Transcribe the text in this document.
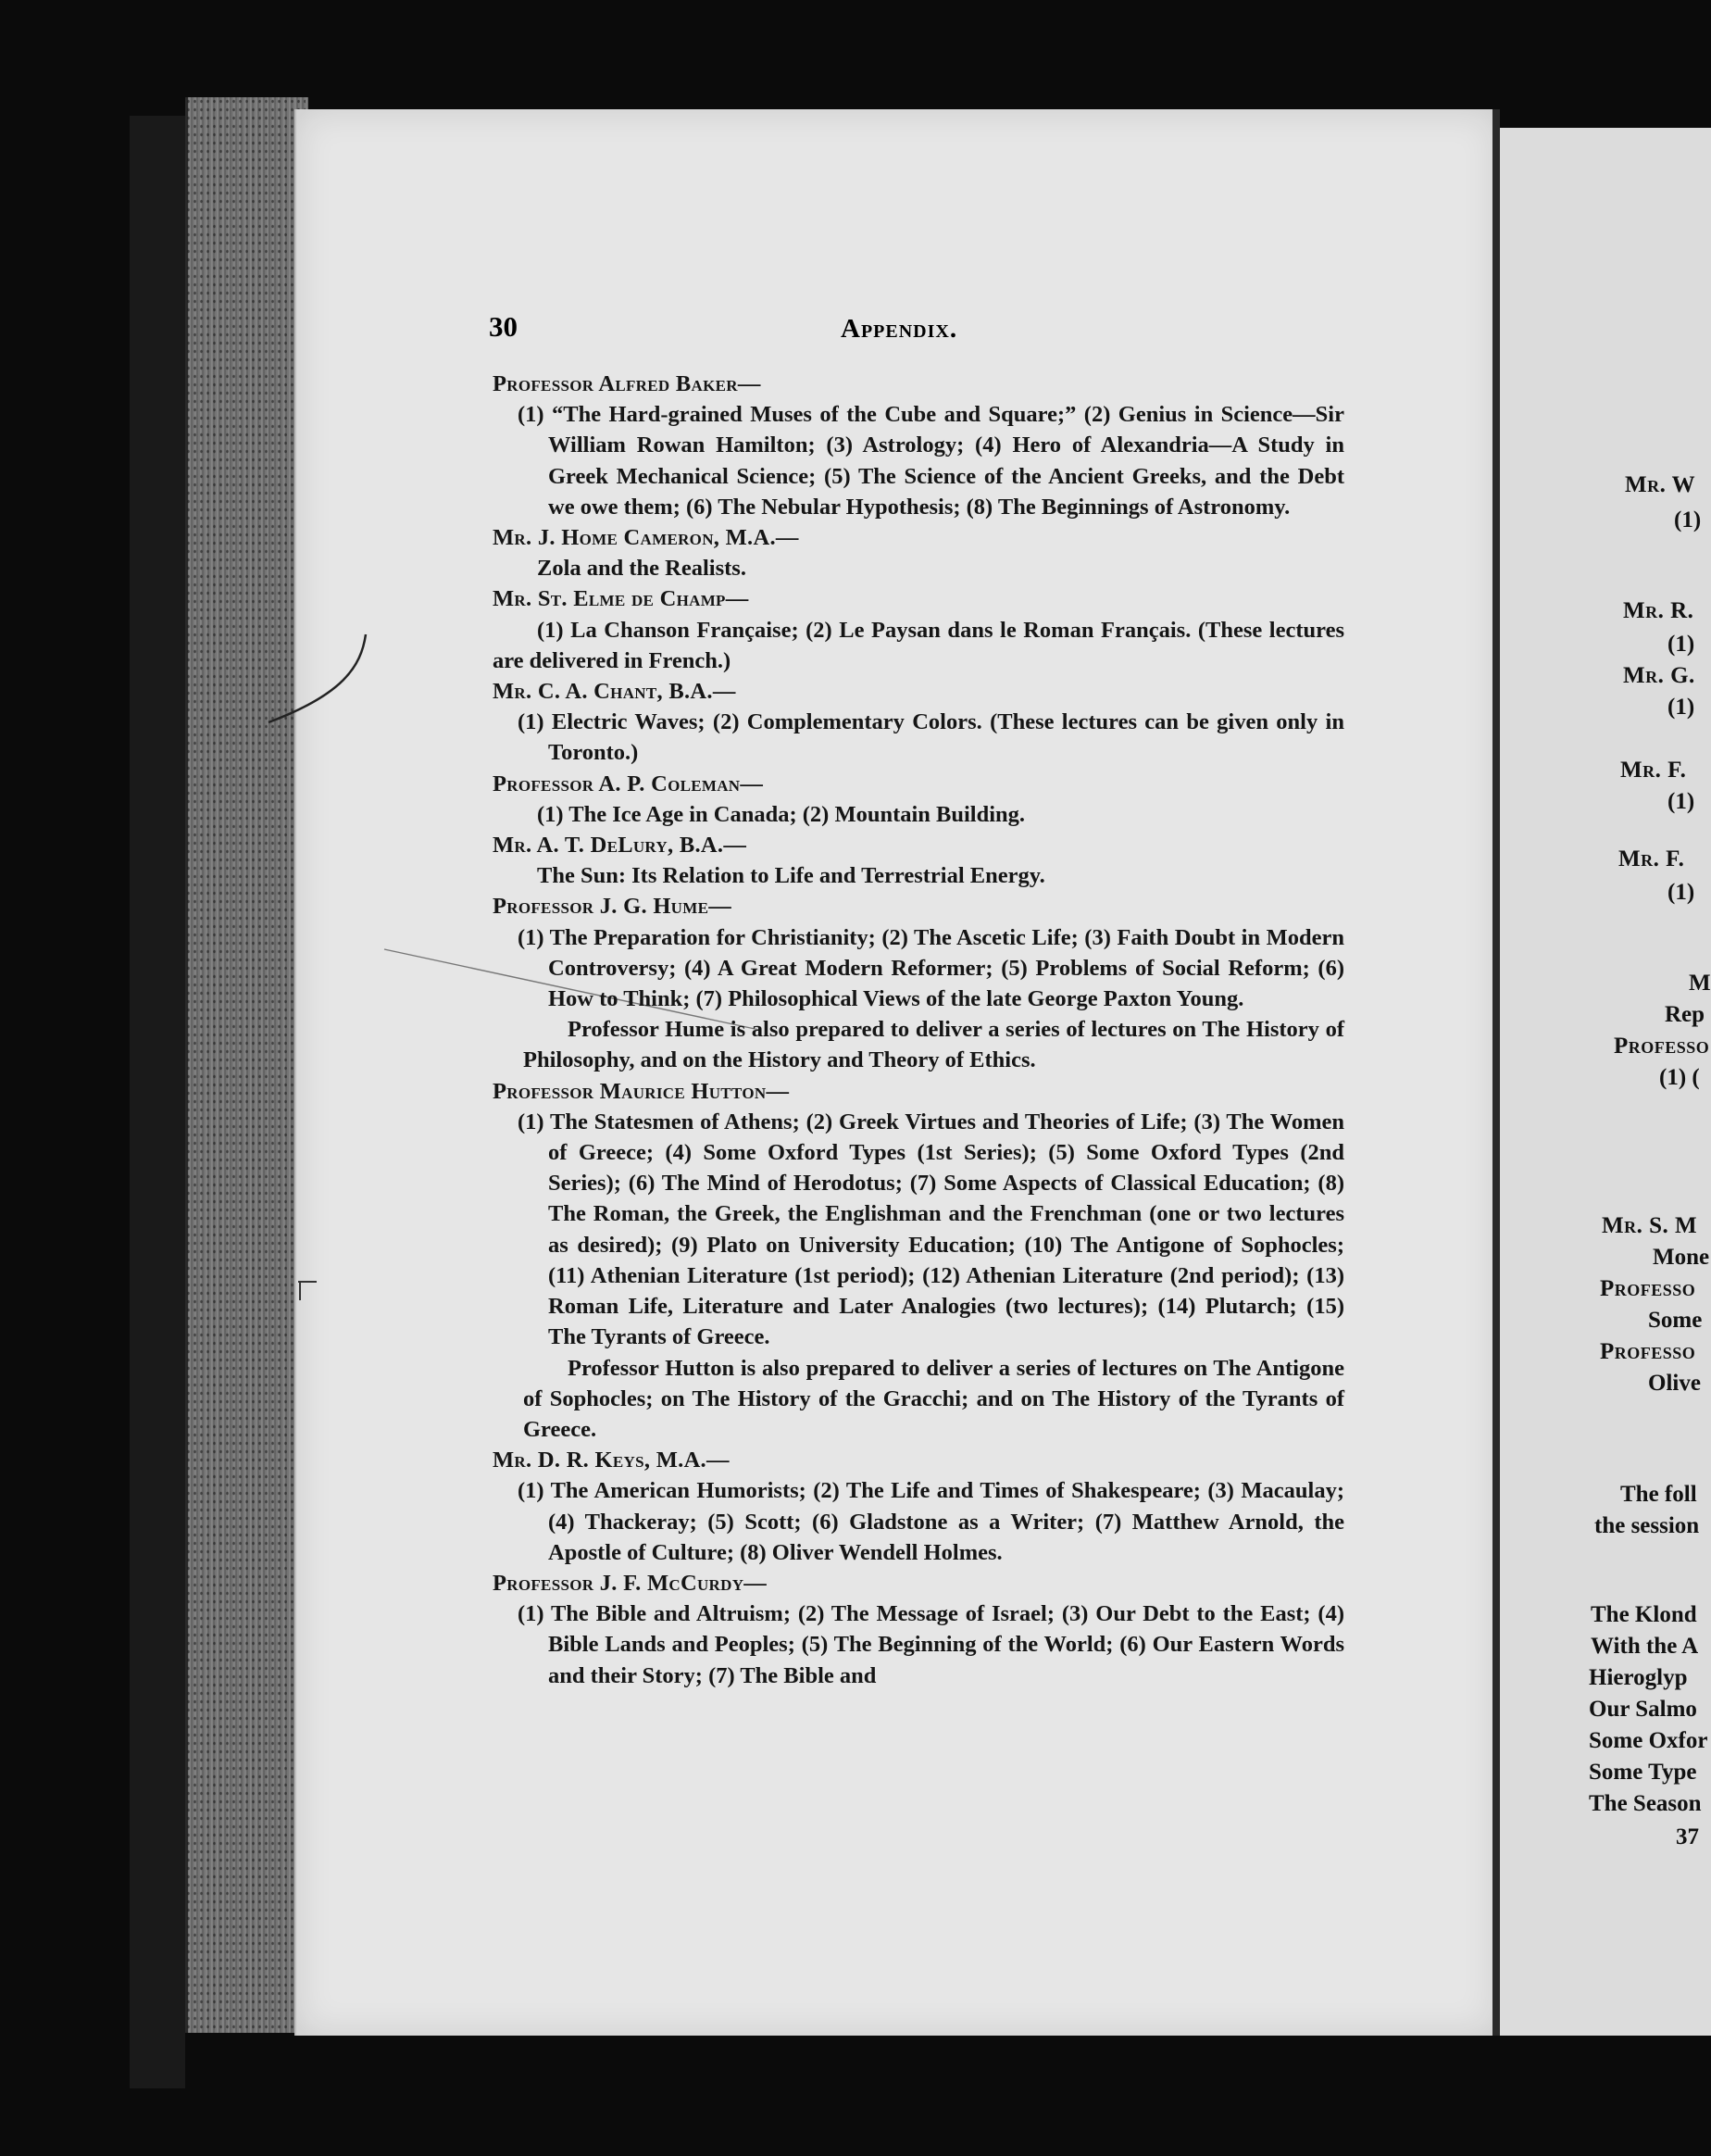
Mr. W
(1)
Mr. R.
(1)
Mr. G.
(1)
Mr. F.
(1)
Mr. F.
(1)
M
Rep
Professo
(1) (
Mr. S. M
Mone
Professo
Some
Professo
Olive
The foll
the session
The Klond
With the A
Hieroglyp
Our Salmo
Some Oxfor
Some Type
The Season
37
30	Appendix.

Professor Alfred Baker—

(1) “The Hard-grained Muses of the Cube and Square;” (2) Genius in Science—Sir William Rowan Hamilton; (3) Astrology; (4) Hero of Alexandria—A Study in Greek Mechanical Science; (5) The Science of the Ancient Greeks, and the Debt we owe them; (6) The Nebular Hypothesis; (8) The Beginnings of Astronomy.

Mr. J. Home Cameron, M.A.—

Zola and the Realists.

Mr. St. Elme de Champ—

(1) La Chanson Française; (2) Le Paysan dans le Roman Français. (These lectures are delivered in French.)

Mr. C. A. Chant, B.A.—

(1) Electric Waves; (2) Complementary Colors. (These lectures can be given only in Toronto.)

Professor A. P. Coleman—

(1) The Ice Age in Canada; (2) Mountain Building.

Mr. A. T. DeLury, B.A.—

The Sun: Its Relation to Life and Terrestrial Energy.

Professor J. G. Hume—

(1) The Preparation for Christianity; (2) The Ascetic Life; (3) Faith Doubt in Modern Controversy; (4) A Great Modern Reformer; (5) Problems of Social Reform; (6) How to Think; (7) Philosophical Views of the late George Paxton Young.

Professor Hume is also prepared to deliver a series of lectures on The History of Philosophy, and on the History and Theory of Ethics.

Professor Maurice Hutton—

(1) The Statesmen of Athens; (2) Greek Virtues and Theories of Life; (3) The Women of Greece; (4) Some Oxford Types (1st Series); (5) Some Oxford Types (2nd Series); (6) The Mind of Herodotus; (7) Some Aspects of Classical Education; (8) The Roman, the Greek, the Englishman and the Frenchman (one or two lectures as desired); (9) Plato on University Education; (10) The Antigone of Sophocles; (11) Athenian Literature (1st period); (12) Athenian Literature (2nd period); (13) Roman Life, Literature and Later Analogies (two lectures); (14) Plutarch; (15) The Tyrants of Greece.

Professor Hutton is also prepared to deliver a series of lectures on The Antigone of Sophocles; on The History of the Gracchi; and on The History of the Tyrants of Greece.

Mr. D. R. Keys, M.A.—

(1) The American Humorists; (2) The Life and Times of Shakespeare; (3) Macaulay; (4) Thackeray; (5) Scott; (6) Gladstone as a Writer; (7) Matthew Arnold, the Apostle of Culture; (8) Oliver Wendell Holmes.

Professor J. F. McCurdy—

(1) The Bible and Altruism; (2) The Message of Israel; (3) Our Debt to the East; (4) Bible Lands and Peoples; (5) The Beginning of the World; (6) Our Eastern Words and their Story; (7) The Bible and
